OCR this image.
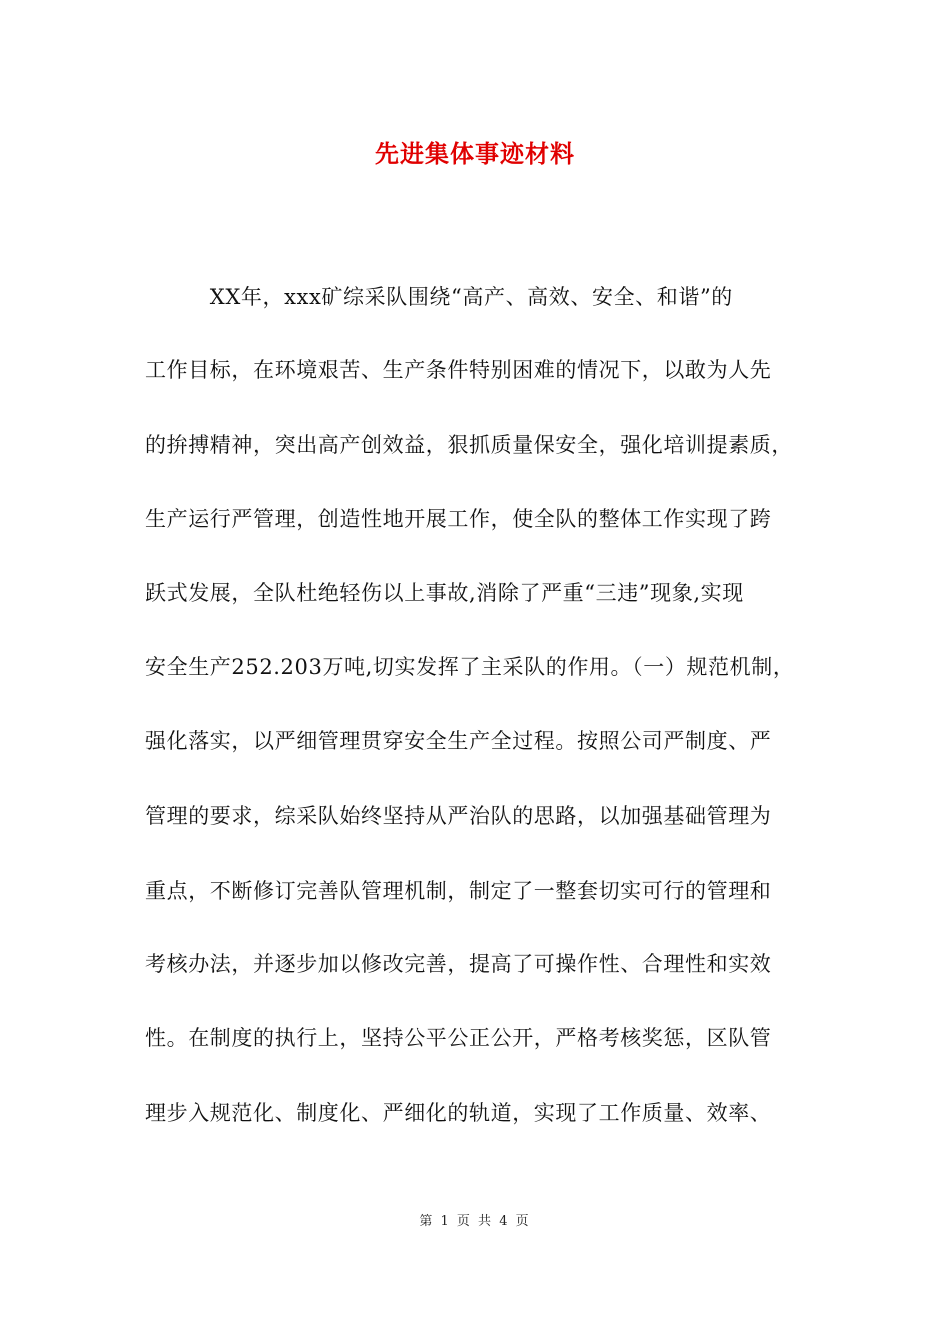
先进集体事迹材料
　　　XX年，xxx矿综采队围绕“高产、高效、安全、和谐”的
工作目标，在环境艰苦、生产条件特别困难的情况下，以敢为人先
的拚搏精神，突出高产创效益，狠抓质量保安全，强化培训提素质，
生产运行严管理，创造性地开展工作，使全队的整体工作实现了跨
跃式发展，全队杜绝轻伤以上事故,消除了严重“三违”现象,实现
安全生产252.203万吨,切实发挥了主采队的作用。（一）规范机制，
强化落实，以严细管理贯穿安全生产全过程。按照公司严制度、严
管理的要求，综采队始终坚持从严治队的思路，以加强基础管理为
重点，不断修订完善队管理机制，制定了一整套切实可行的管理和
考核办法，并逐步加以修改完善，提高了可操作性、合理性和实效
性。在制度的执行上，坚持公平公正公开，严格考核奖惩，区队管
理步入规范化、制度化、严细化的轨道，实现了工作质量、效率、
第 1 页 共 4 页
